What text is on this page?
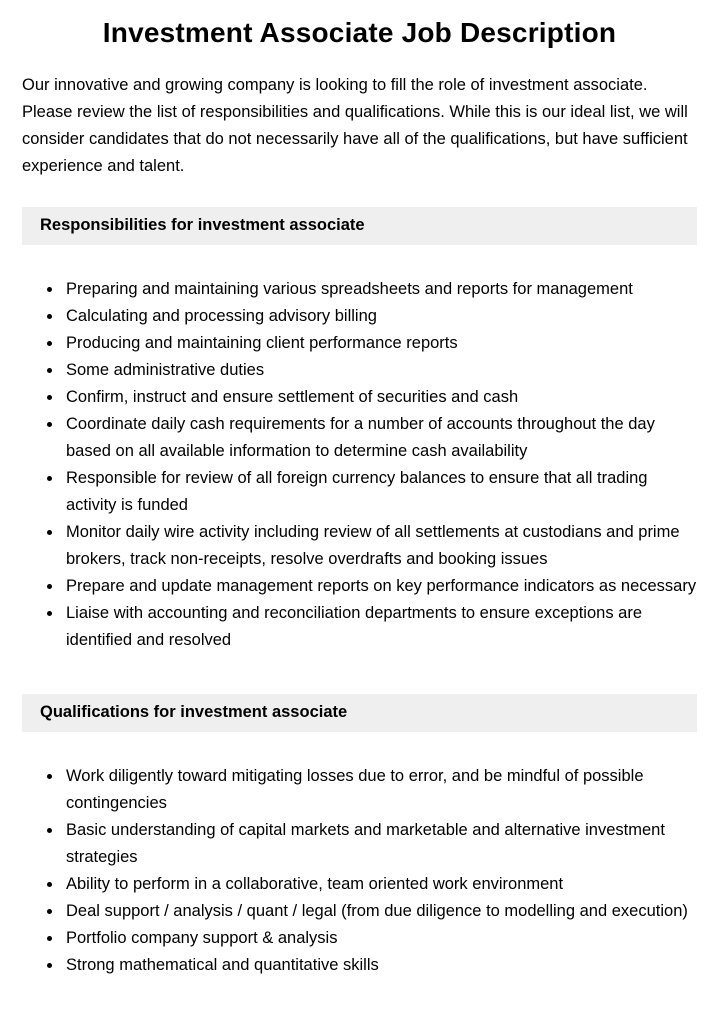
Investment Associate Job Description

Our innovative and growing company is looking to fill the role of investment associate. Please review the list of responsibilities and qualifications. While this is our ideal list, we will consider candidates that do not necessarily have all of the qualifications, but have sufficient experience and talent.

Responsibilities for investment associate
• Preparing and maintaining various spreadsheets and reports for management
• Calculating and processing advisory billing
• Producing and maintaining client performance reports
• Some administrative duties
• Confirm, instruct and ensure settlement of securities and cash
• Coordinate daily cash requirements for a number of accounts throughout the day based on all available information to determine cash availability
• Responsible for review of all foreign currency balances to ensure that all trading activity is funded
• Monitor daily wire activity including review of all settlements at custodians and prime brokers, track non-receipts, resolve overdrafts and booking issues
• Prepare and update management reports on key performance indicators as necessary
• Liaise with accounting and reconciliation departments to ensure exceptions are identified and resolved
Qualifications for investment associate
• Work diligently toward mitigating losses due to error, and be mindful of possible contingencies
• Basic understanding of capital markets and marketable and alternative investment strategies
• Ability to perform in a collaborative, team oriented work environment
• Deal support / analysis / quant / legal (from due diligence to modelling and execution)
• Portfolio company support & analysis
• Strong mathematical and quantitative skills
